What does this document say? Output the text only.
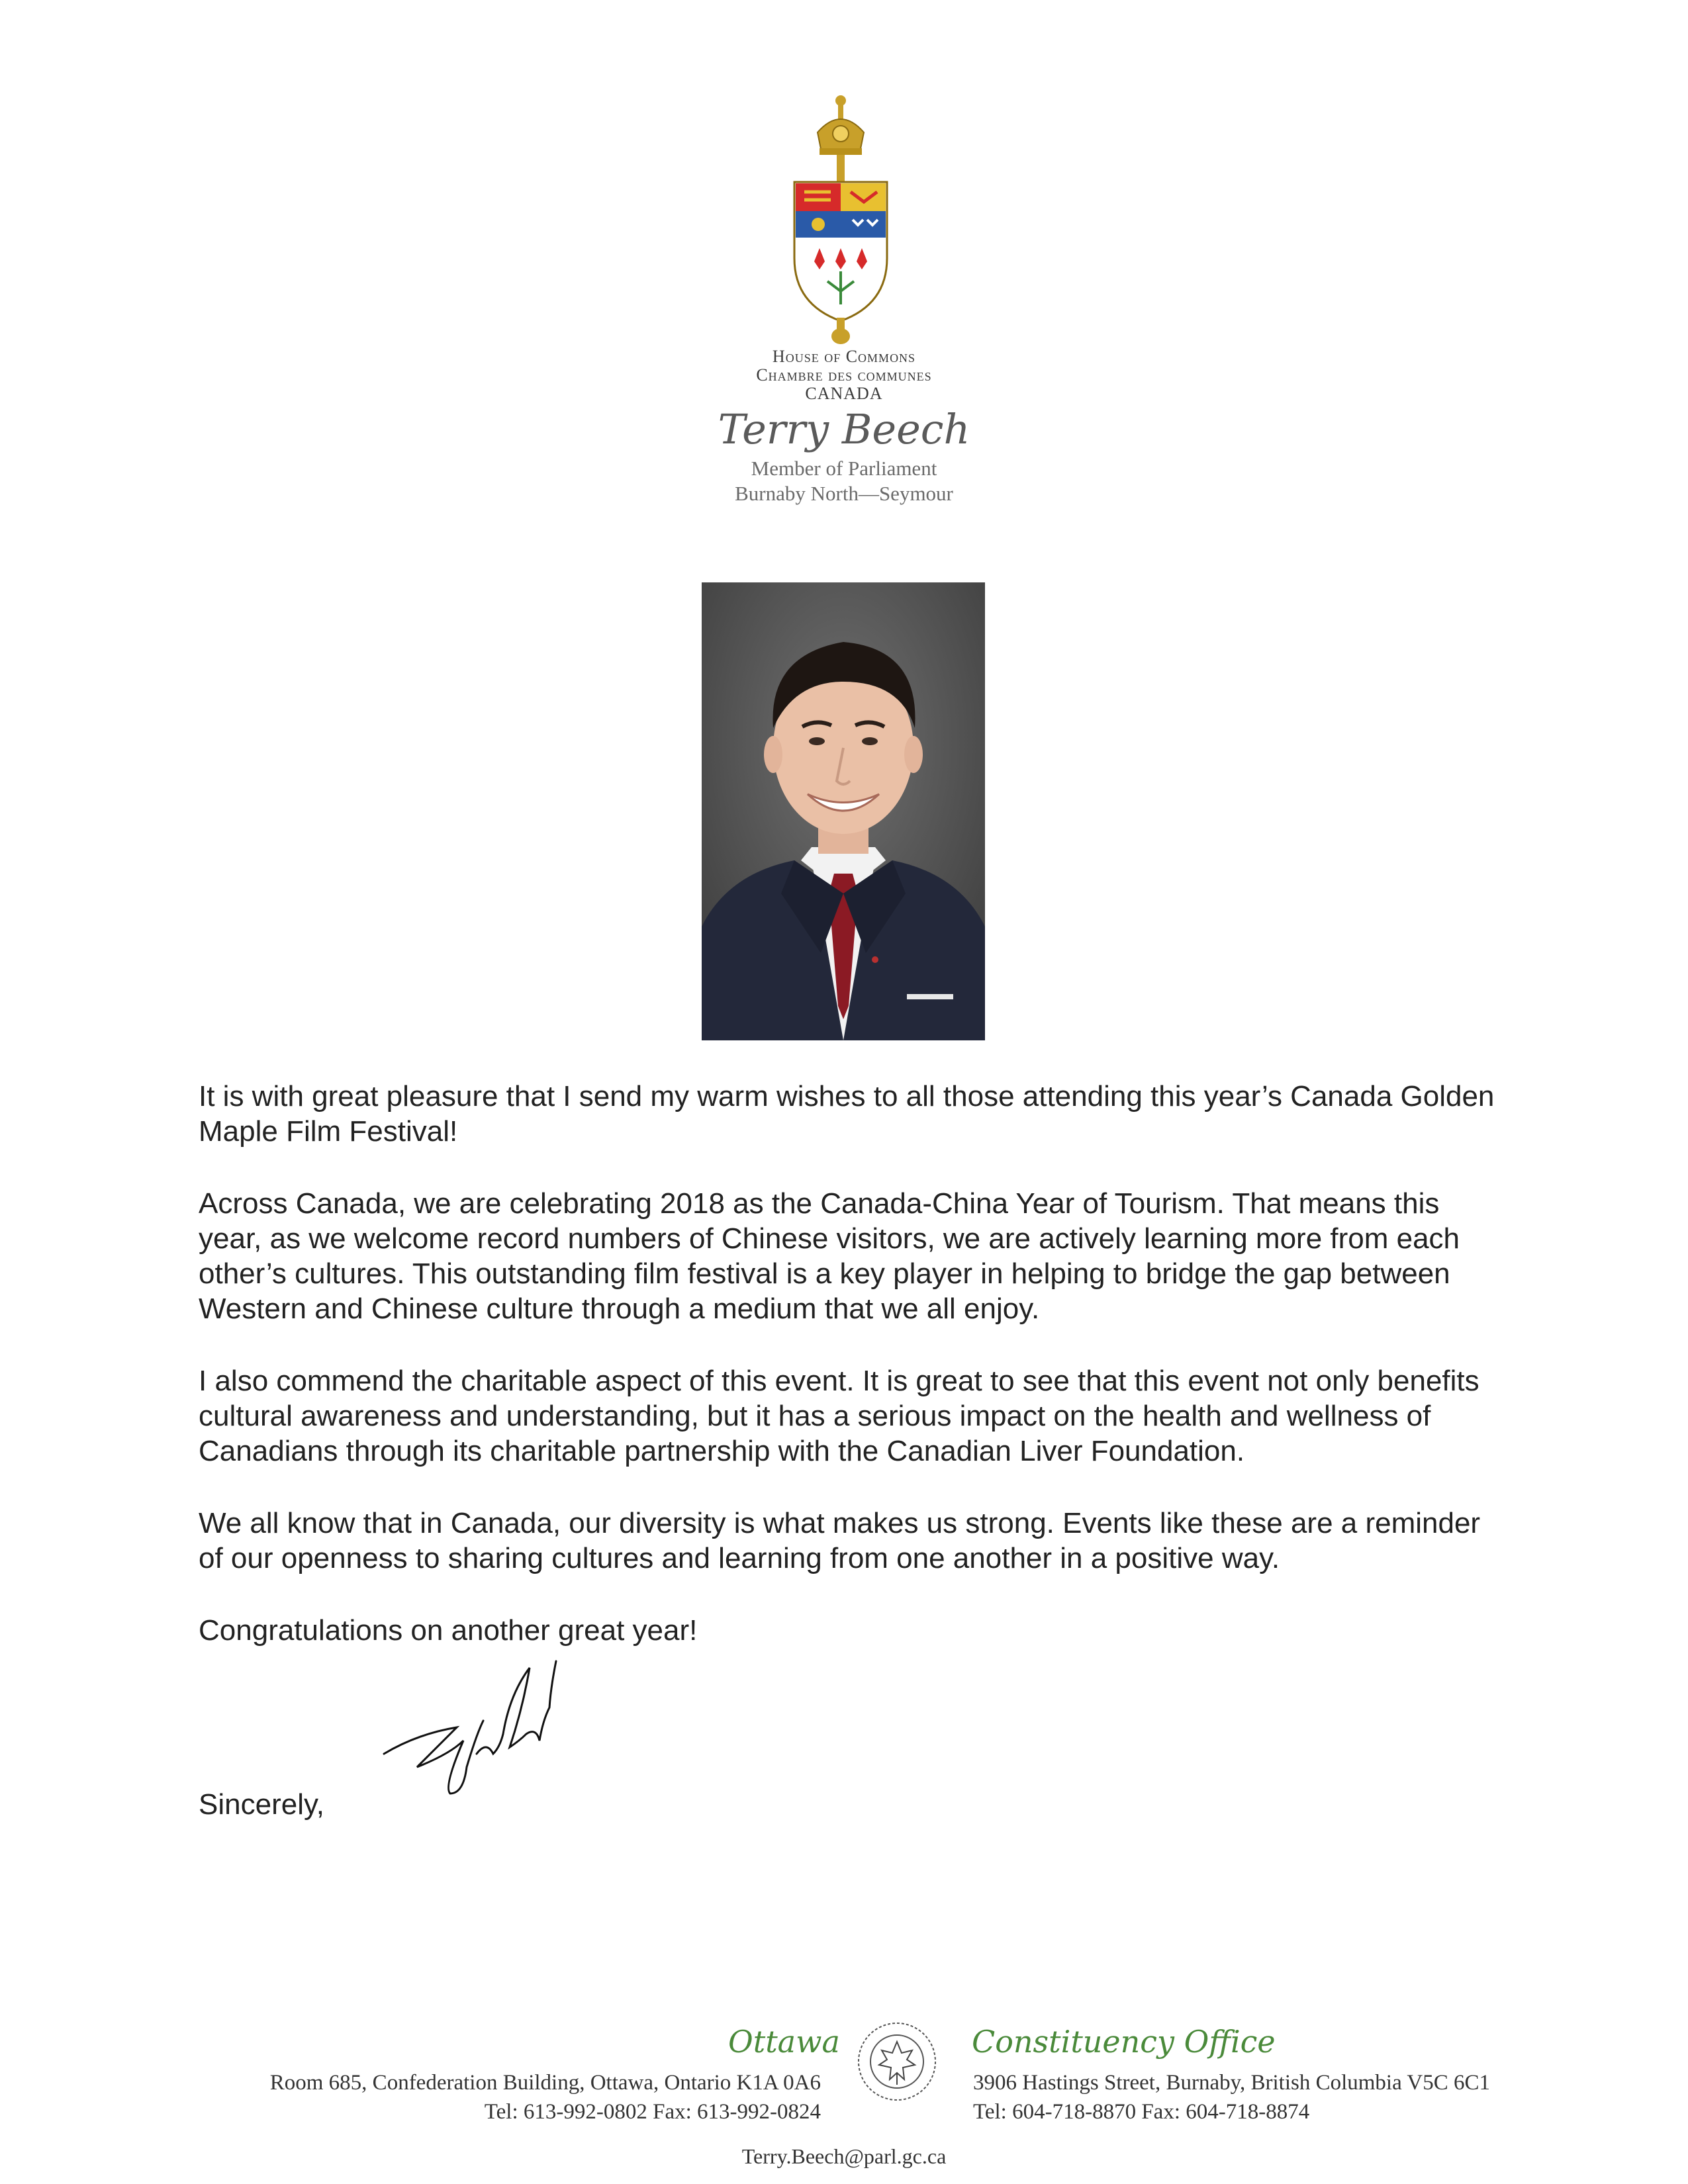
House of Commons
Chambre des communes
CANADA
Terry Beech
Member of Parliament
Burnaby North—Seymour

It is with great pleasure that I send my warm wishes to all those attending this year’s Canada Golden Maple Film Festival!

Across Canada, we are celebrating 2018 as the Canada-China Year of Tourism. That means this year, as we welcome record numbers of Chinese visitors, we are actively learning more from each other’s cultures. This outstanding film festival is a key player in helping to bridge the gap between Western and Chinese culture through a medium that we all enjoy.

I also commend the charitable aspect of this event. It is great to see that this event not only benefits cultural awareness and understanding, but it has a serious impact on the health and wellness of Canadians through its charitable partnership with the Canadian Liver Foundation.

We all know that in Canada, our diversity is what makes us strong. Events like these are a reminder of our openness to sharing cultures and learning from one another in a positive way.

Congratulations on another great year!

Sincerely,
Ottawa
Room 685, Confederation Building, Ottawa, Ontario K1A 0A6
Tel: 613-992-0802 Fax: 613-992-0824
Constituency Office
3906 Hastings Street, Burnaby, British Columbia V5C 6C1
Tel: 604-718-8870 Fax: 604-718-8874
Terry.Beech@parl.gc.ca
